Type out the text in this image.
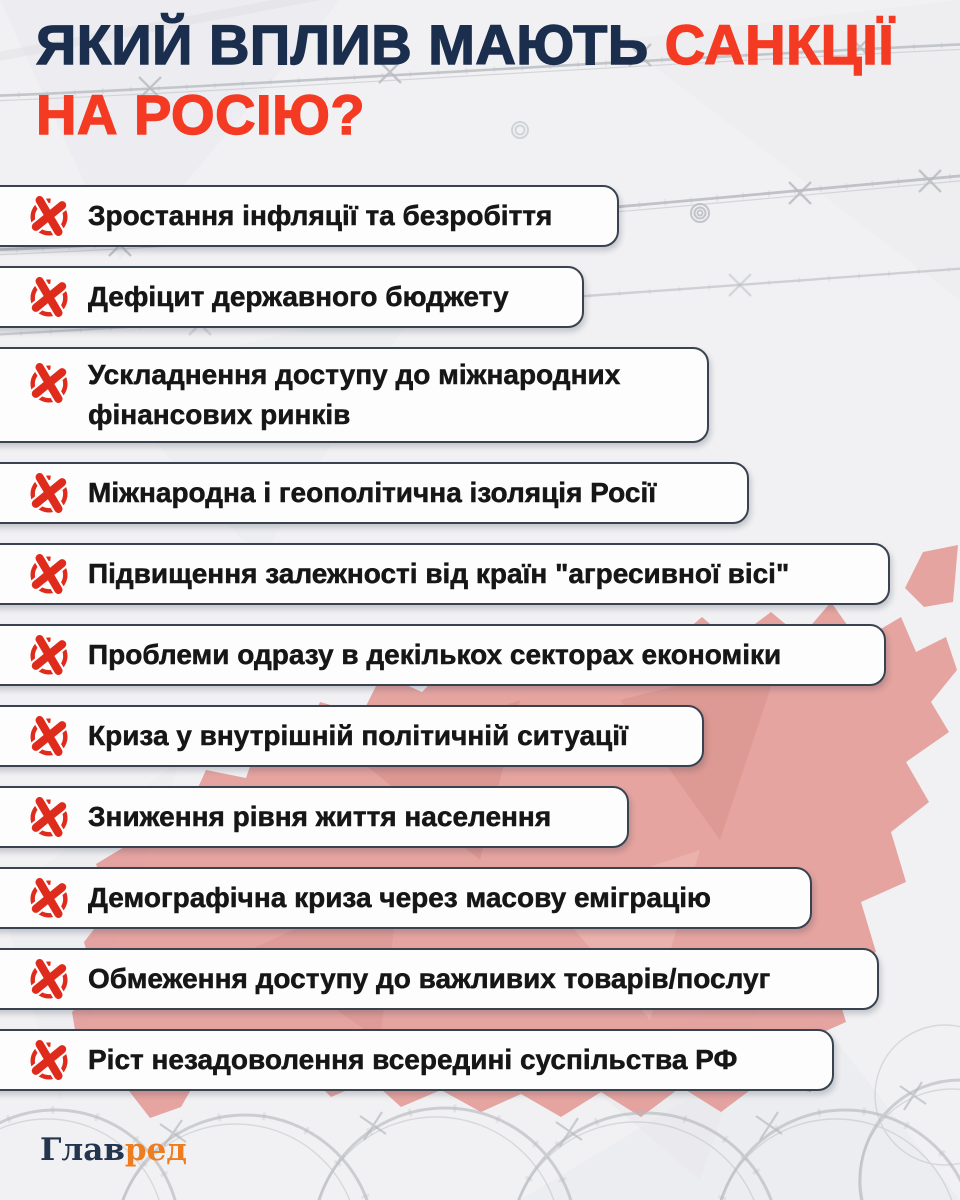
ЯКИЙ ВПЛИВ МАЮТЬ САНКЦІЇ
НА РОСІЮ?
Зростання інфляції та безробіття
Дефіцит державного бюджету
Ускладнення доступу до міжнародних фінансових ринків
Міжнародна і геополітична ізоляція Росії
Підвищення залежності від країн "агресивної вісі"
Проблеми одразу в декількох секторах економіки
Криза у внутрішній політичній ситуації
Зниження рівня життя населення
Демографічна криза через масову еміграцію
Обмеження доступу до важливих товарів/послуг
Ріст незадоволення всередині суспільства РФ
Главред
